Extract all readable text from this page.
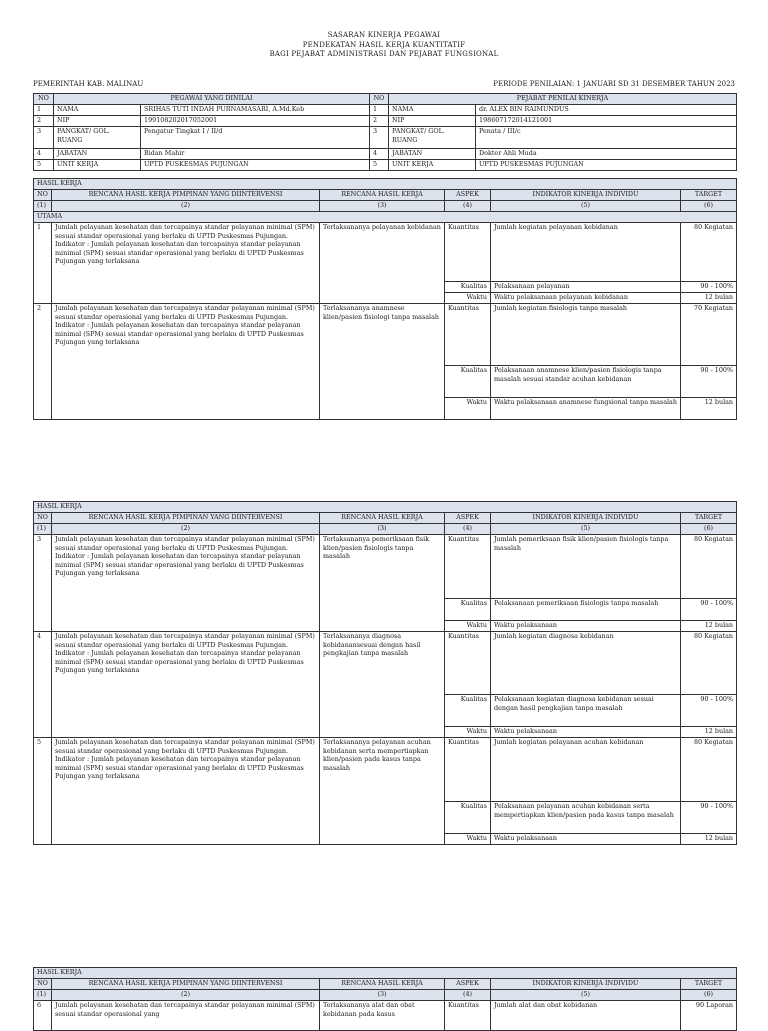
SASARAN KINERJA PEGAWAI
PENDEKATAN HASIL KERJA KUANTITATIF
BAGI PEJABAT ADMINISTRASI DAN PEJABAT FUNGSIONAL
PEMERINTAH KAB. MALINAU	PERIODE PENILAIAN: 1 JANUARI SD 31 DESEMBER TAHUN 2023
NO	PEGAWAI YANG DINILAI		NO	PEJABAT PENILAI KINERJA	
1	NAMA	SRIHAS TUTI INDAH PURNAMASARI, A.Md.Keb	1	NAMA	dr. ALEX BIN RAIMUNDUS
2	NIP	199108202017052001	2	NIP	198607172014121001
3	PANGKAT/ GOL. RUANG	Pengatur Tingkat I / II/d	3	PANGKAT/ GOL. RUANG	Penata / III/c
4	JABATAN	Bidan Mahir	4	JABATAN	Dokter Ahli Muda
5	UNIT KERJA	UPTD PUSKESMAS PUJUNGAN	5	UNIT KERJA	UPTD PUSKESMAS PUJUNGAN
HASIL KERJA					
NO	RENCANA HASIL KERJA PIMPINAN YANG DIINTERVENSI	RENCANA HASIL KERJA	ASPEK	INDIKATOR KINERJA INDIVIDU	TARGET
(1)	(2)	(3)	(4)	(5)	(6)
UTAMA					
1	Jumlah pelayanan kesehatan dan tercapainya standar pelayanan minimal (SPM) sesuai standar operasional yang berlaku di UPTD Puskesmas Pujungan. Indikator : Jumlah pelayanan kesehatan dan tercapainya standar pelayanan minimal (SPM) sesuai standar operasional yang berlaku di UPTD Puskesmas Pujungan yang terlaksana	Terlaksananya pelayanan kebidanan	Kuantitas	Jumlah kegiatan pelayanan kebidanan	80 Kegiatan
			Kualitas	Pelaksanaan pelayanan	90 - 100%
			Waktu	Waktu pelaksanaan pelayanan kebidanan	12 bulan
2	Jumlah pelayanan kesehatan dan tercapainya standar pelayanan minimal (SPM) sesuai standar operasional yang berlaku di UPTD Puskesmas Pujungan. Indikator : Jumlah pelayanan kesehatan dan tercapainya standar pelayanan minimal (SPM) sesuai standar operasional yang berlaku di UPTD Puskesmas Pujungan yang terlaksana	Terlaksananya anamnese klien/pasien fisiologi tanpa masalah	Kuantitas	Jumlah kegiatan fisiologis tanpa masalah	70 Kegiatan
			Kualitas	Pelaksanaan anamnese klien/pasien fisiologis tanpa masalah sesuai standar acuhan kebidanan	90 - 100%
			Waktu	Waktu pelaksanaan anamnese fungsional tanpa masalah	12 bulan
HASIL KERJA					
NO	RENCANA HASIL KERJA PIMPINAN YANG DIINTERVENSI	RENCANA HASIL KERJA	ASPEK	INDIKATOR KINERJA INDIVIDU	TARGET
(1)	(2)	(3)	(4)	(5)	(6)
3	Jumlah pelayanan kesehatan dan tercapainya standar pelayanan minimal (SPM) sesuai standar operasional yang berlaku di UPTD Puskesmas Pujungan. Indikator : Jumlah pelayanan kesehatan dan tercapainya standar pelayanan minimal (SPM) sesuai standar operasional yang berlaku di UPTD Puskesmas Pujungan yang terlaksana	Terlaksananya pemeriksaan fisik klien/pasien fisiologis tanpa masalah	Kuantitas	Jumlah pemeriksaan fisik klien/pasien fisiologis tanpa masalah	80 Kegiatan
			Kualitas	Pelaksanaan pemeriksaan fisiologis tanpa masalah	90 - 100%
			Waktu	Waktu pelaksanaan	12 bulan
4	Jumlah pelayanan kesehatan dan tercapainya standar pelayanan minimal (SPM) sesuai standar operasional yang berlaku di UPTD Puskesmas Pujungan. Indikator : Jumlah pelayanan kesehatan dan tercapainya standar pelayanan minimal (SPM) sesuai standar operasional yang berlaku di UPTD Puskesmas Pujungan yang terlaksana	Terlaksananya diagnosa kebidanansesuai dengan hasil pengkajian tanpa masalah	Kuantitas	Jumlah kegiatan diagnosa kebidanan	80 Kegiatan
			Kualitas	Pelaksanaan kegiatan diagnosa kebidanan sesuai dengan hasil pengkajian tanpa masalah	90 - 100%
			Waktu	Waktu pelaksanaan	12 bulan
5	Jumlah pelayanan kesehatan dan tercapainya standar pelayanan minimal (SPM) sesuai standar operasional yang berlaku di UPTD Puskesmas Pujungan. Indikator : Jumlah pelayanan kesehatan dan tercapainya standar pelayanan minimal (SPM) sesuai standar operasional yang berlaku di UPTD Puskesmas Pujungan yang terlaksana	Terlaksananya pelayanan acuhan kebidanan serta mempertiapkan klien/pasien pada kasus tanpa masalah	Kuantitas	Jumlah kegiatan pelayanan acuhan kebidanan	80 Kegiatan
			Kualitas	Pelaksanaan pelayanan acuhan kebidanan serta mempertiapkan klien/pasien pada kasus tanpa masalah	90 - 100%
			Waktu	Waktu pelaksanaan	12 bulan
HASIL KERJA					
NO	RENCANA HASIL KERJA PIMPINAN YANG DIINTERVENSI	RENCANA HASIL KERJA	ASPEK	INDIKATOR KINERJA INDIVIDU	TARGET
(1)	(2)	(3)	(4)	(5)	(6)
6	Jumlah pelayanan kesehatan dan tercapainya standar pelayanan minimal (SPM) sesuai standar operasional yang	Terlaksananya alat dan obat kebidanan pada kasus	Kuantitas	Jumlah alat dan obat kebidanan	90 Laporan
